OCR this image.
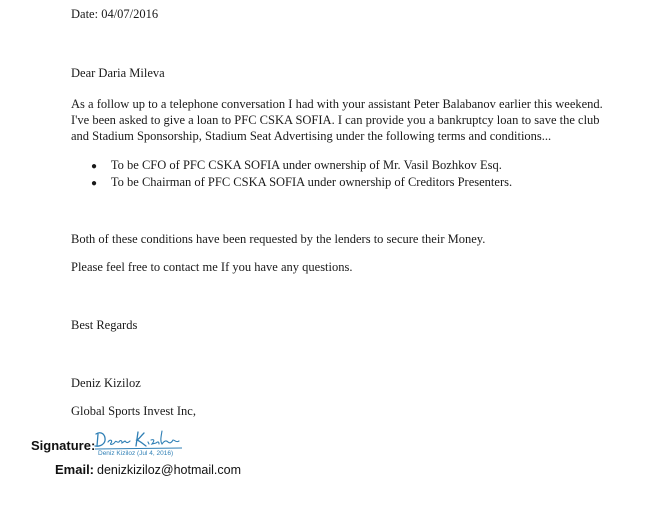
Date: 04/07/2016
Dear Daria Mileva
As a follow up to a telephone conversation I had with your assistant Peter Balabanov earlier this weekend.
I've been asked to give a loan to PFC CSKA SOFIA. I can provide you a bankruptcy loan to save the club
and Stadium Sponsorship, Stadium Seat Advertising under the following terms and conditions...
● To be CFO of PFC CSKA SOFIA under ownership of Mr. Vasil Bozhkov Esq.
● To be Chairman of PFC CSKA SOFIA under ownership of Creditors Presenters.
Both of these conditions have been requested by the lenders to secure their Money.
Please feel free to contact me If you have any questions.
Best Regards
Deniz Kiziloz
Global Sports Invest Inc,
Signature:
Deniz Kiziloz (Jul 4, 2016)
Email: denizkiziloz@hotmail.com
